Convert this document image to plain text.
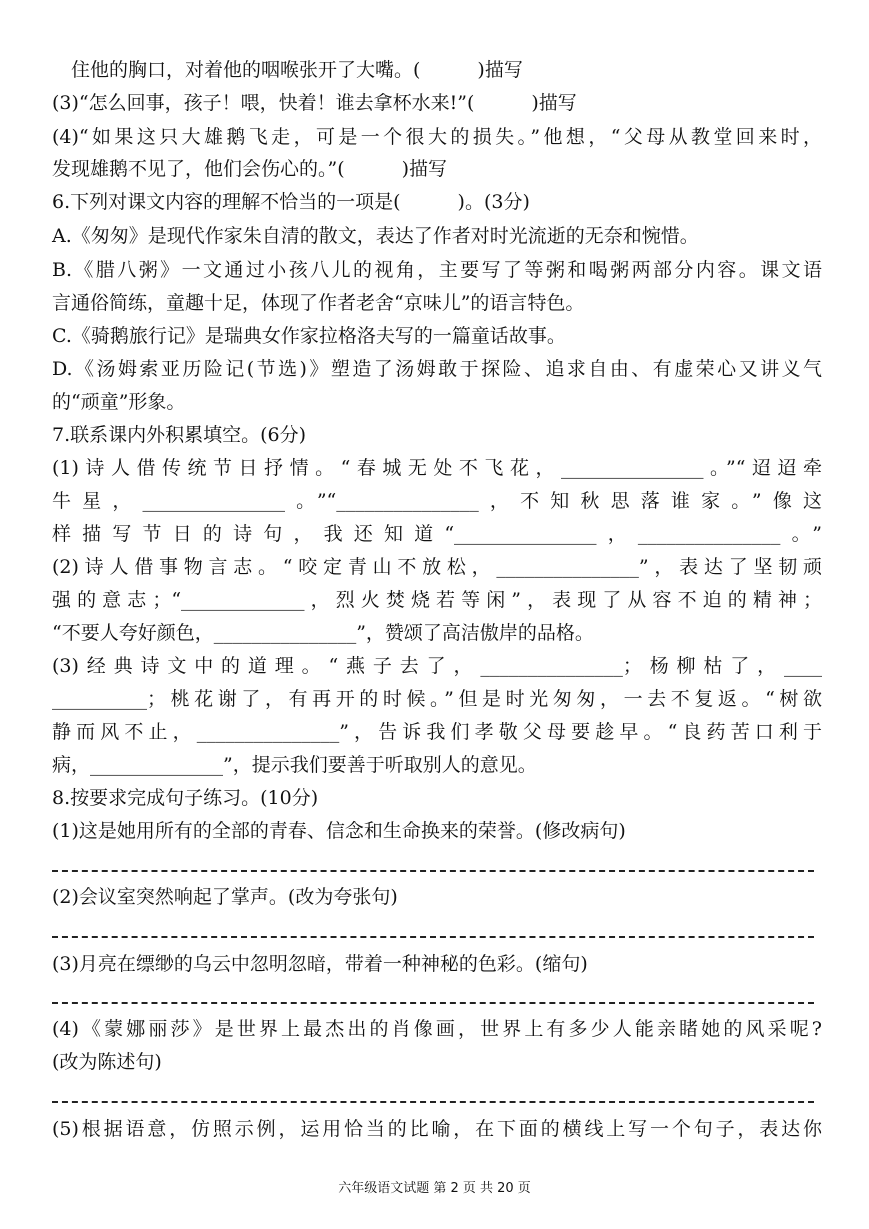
　住他的胸口，对着他的咽喉张开了大嘴。(　　　)描写
(3)“怎么回事，孩子！喂，快着！谁去拿杯水来!”(　　　)描写
(4)“如果这只大雄鹅飞走，可是一个很大的损失。”他想，“父母从教堂回来时，
发现雄鹅不见了，他们会伤心的。”(　　　)描写
6.下列对课文内容的理解不恰当的一项是(　　　)。(3分)
A.《匆匆》是现代作家朱自清的散文，表达了作者对时光流逝的无奈和惋惜。
B.《腊八粥》一文通过小孩八儿的视角，主要写了等粥和喝粥两部分内容。课文语
言通俗简练，童趣十足，体现了作者老舍“京味儿”的语言特色。
C.《骑鹅旅行记》是瑞典女作家拉格洛夫写的一篇童话故事。
D.《汤姆索亚历险记(节选)》塑造了汤姆敢于探险、追求自由、有虚荣心又讲义气
的“顽童”形象。
7.联系课内外积累填空。(6分)
(1)诗人借传统节日抒情。“春城无处不飞花，_______________。”“迢迢牵
牛星，_______________。”“_______________，不知秋思落谁家。”像这
样描写节日的诗句，我还知道“_______________，_______________。”
(2)诗人借事物言志。“咬定青山不放松，_______________”，表达了坚韧顽
强的意志；“_____________，烈火焚烧若等闲”，表现了从容不迫的精神；
“不要人夸好颜色，_______________”，赞颂了高洁傲岸的品格。
(3)经典诗文中的道理。“燕子去了，_______________；杨柳枯了，____
__________；桃花谢了，有再开的时候。”但是时光匆匆，一去不复返。“树欲
静而风不止，_______________”，告诉我们孝敬父母要趁早。“良药苦口利于
病，______________”，提示我们要善于听取别人的意见。
8.按要求完成句子练习。(10分)
(1)这是她用所有的全部的青春、信念和生命换来的荣誉。(修改病句)
(2)会议室突然响起了掌声。(改为夸张句)
(3)月亮在缥缈的乌云中忽明忽暗，带着一种神秘的色彩。(缩句)
(4)《蒙娜丽莎》是世界上最杰出的肖像画，世界上有多少人能亲睹她的风采呢?
(改为陈述句)
(5)根据语意，仿照示例，运用恰当的比喻，在下面的横线上写一个句子，表达你
六年级语文试题 第 2 页 共 20 页
